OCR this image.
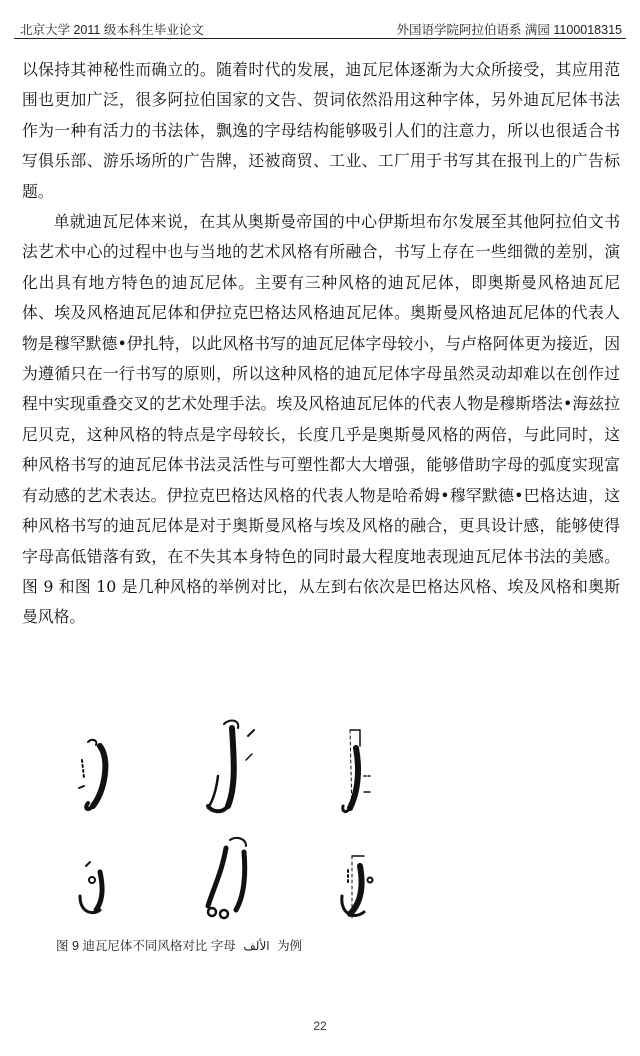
北京大学 2011 级本科生毕业论文	外国语学院阿拉伯语系 满园 1100018315

以保持其神秘性而确立的。随着时代的发展，迪瓦尼体逐渐为大众所接受，其应用范围也更加广泛，很多阿拉伯国家的文告、贺词依然沿用这种字体，另外迪瓦尼体书法作为一种有活力的书法体，飘逸的字母结构能够吸引人们的注意力，所以也很适合书写俱乐部、游乐场所的广告牌，还被商贸、工业、工厂用于书写其在报刊上的广告标题。

单就迪瓦尼体来说，在其从奥斯曼帝国的中心伊斯坦布尔发展至其他阿拉伯文书法艺术中心的过程中也与当地的艺术风格有所融合，书写上存在一些细微的差别，演化出具有地方特色的迪瓦尼体。主要有三种风格的迪瓦尼体，即奥斯曼风格迪瓦尼体、埃及风格迪瓦尼体和伊拉克巴格达风格迪瓦尼体。奥斯曼风格迪瓦尼体的代表人物是穆罕默德•伊扎特，以此风格书写的迪瓦尼体字母较小，与卢格阿体更为接近，因为遵循只在一行书写的原则，所以这种风格的迪瓦尼体字母虽然灵动却难以在创作过程中实现重叠交叉的艺术处理手法。埃及风格迪瓦尼体的代表人物是穆斯塔法•海兹拉尼贝克，这种风格的特点是字母较长，长度几乎是奥斯曼风格的两倍，与此同时，这种风格书写的迪瓦尼体书法灵活性与可塑性都大大增强，能够借助字母的弧度实现富有动感的艺术表达。伊拉克巴格达风格的代表人物是哈希姆•穆罕默德•巴格达迪，这种风格书写的迪瓦尼体是对于奥斯曼风格与埃及风格的融合，更具设计感，能够使得字母高低错落有致，在不失其本身特色的同时最大程度地表现迪瓦尼体书法的美感。图 9 和图 10 是几种风格的举例对比，从左到右依次是巴格达风格、埃及风格和奥斯曼风格。

图 9 迪瓦尼体不同风格对比 字母 الألف 为例
22
